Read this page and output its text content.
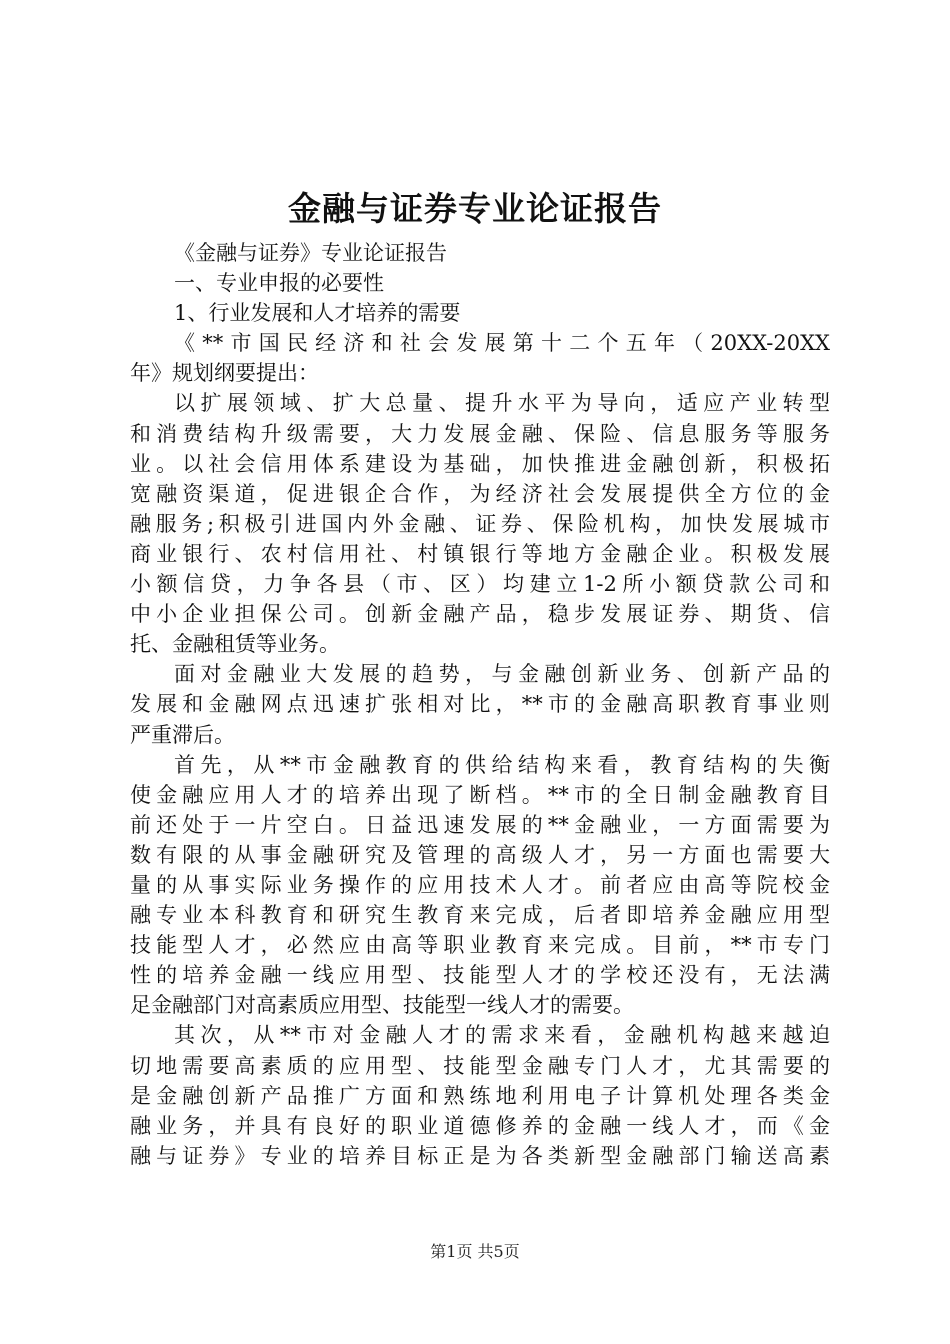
金融与证券专业论证报告
《金融与证券》专业论证报告
一、专业申报的必要性
1、行业发展和人才培养的需要
《**市国民经济和社会发展第十二个五年（20XX-20XX
年》规划纲要提出：
以扩展领域、扩大总量、提升水平为导向，适应产业转型
和消费结构升级需要，大力发展金融、保险、信息服务等服务
业。以社会信用体系建设为基础，加快推进金融创新，积极拓
宽融资渠道，促进银企合作，为经济社会发展提供全方位的金
融服务;积极引进国内外金融、证券、保险机构，加快发展城市
商业银行、农村信用社、村镇银行等地方金融企业。积极发展
小额信贷，力争各县（市、区）均建立1-2所小额贷款公司和
中小企业担保公司。创新金融产品，稳步发展证券、期货、信
托、金融租赁等业务。
面对金融业大发展的趋势，与金融创新业务、创新产品的
发展和金融网点迅速扩张相对比，**市的金融高职教育事业则
严重滞后。
首先，从**市金融教育的供给结构来看，教育结构的失衡
使金融应用人才的培养出现了断档。**市的全日制金融教育目
前还处于一片空白。日益迅速发展的**金融业，一方面需要为
数有限的从事金融研究及管理的高级人才，另一方面也需要大
量的从事实际业务操作的应用技术人才。前者应由高等院校金
融专业本科教育和研究生教育来完成，后者即培养金融应用型
技能型人才，必然应由高等职业教育来完成。目前，**市专门
性的培养金融一线应用型、技能型人才的学校还没有，无法满
足金融部门对高素质应用型、技能型一线人才的需要。
其次，从**市对金融人才的需求来看，金融机构越来越迫
切地需要高素质的应用型、技能型金融专门人才，尤其需要的
是金融创新产品推广方面和熟练地利用电子计算机处理各类金
融业务，并具有良好的职业道德修养的金融一线人才，而《金
融与证券》专业的培养目标正是为各类新型金融部门输送高素
第1页 共5页
